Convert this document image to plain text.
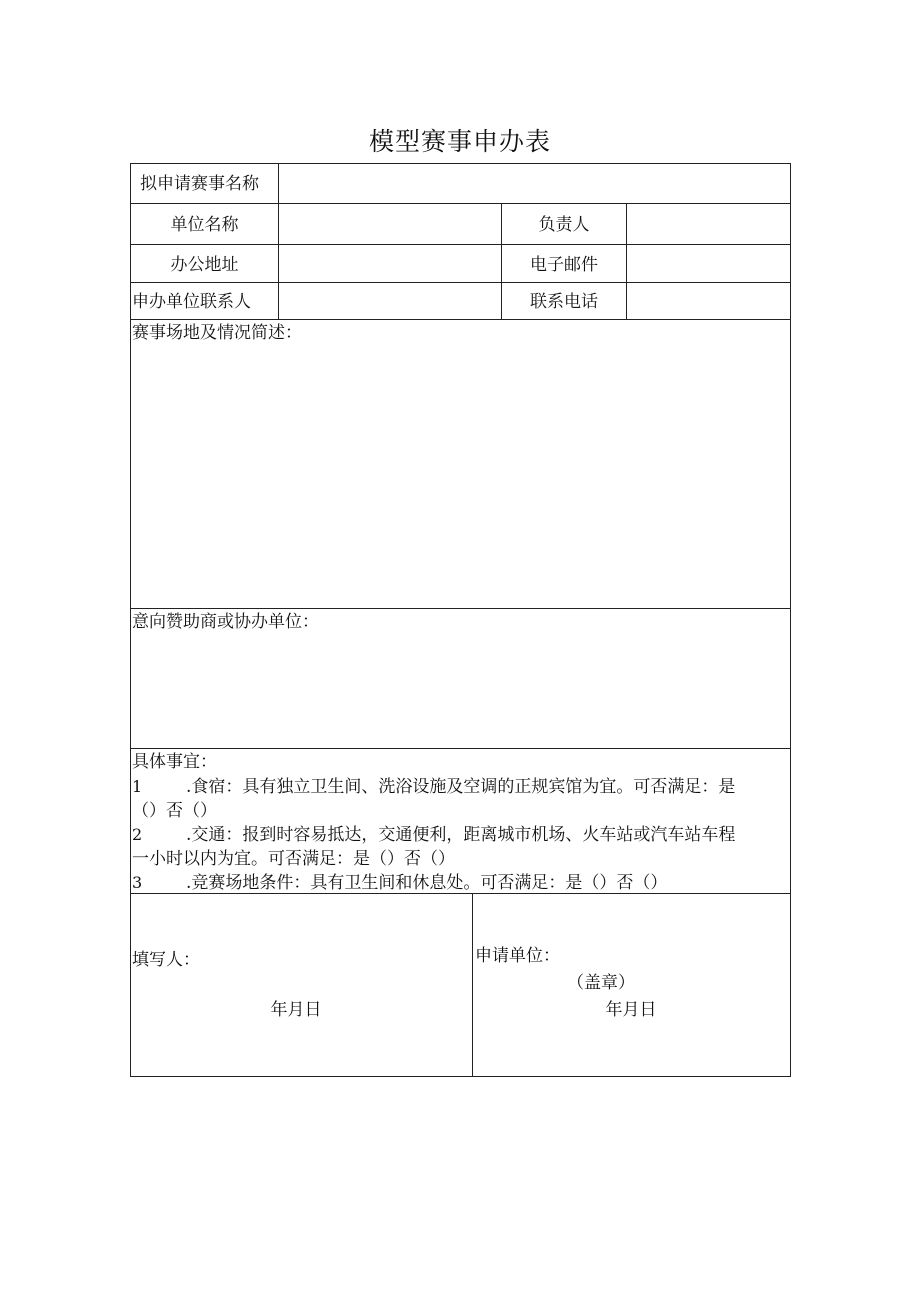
模型赛事申办表
拟申请赛事名称
单位名称	负责人
办公地址	电子邮件
申办单位联系人	联系电话
赛事场地及情况简述：
意向赞助商或协办单位：
具体事宜：
1	.食宿：具有独立卫生间、洗浴设施及空调的正规宾馆为宜。可否满足：是
（）否（）
2	.交通：报到时容易抵达，交通便利，距离城市机场、火车站或汽车站车程
一小时以内为宜。可否满足：是（）否（）
3	.竞赛场地条件：具有卫生间和休息处。可否满足：是（）否（）
填写人：
年月日
申请单位：
（盖章）
年月日
